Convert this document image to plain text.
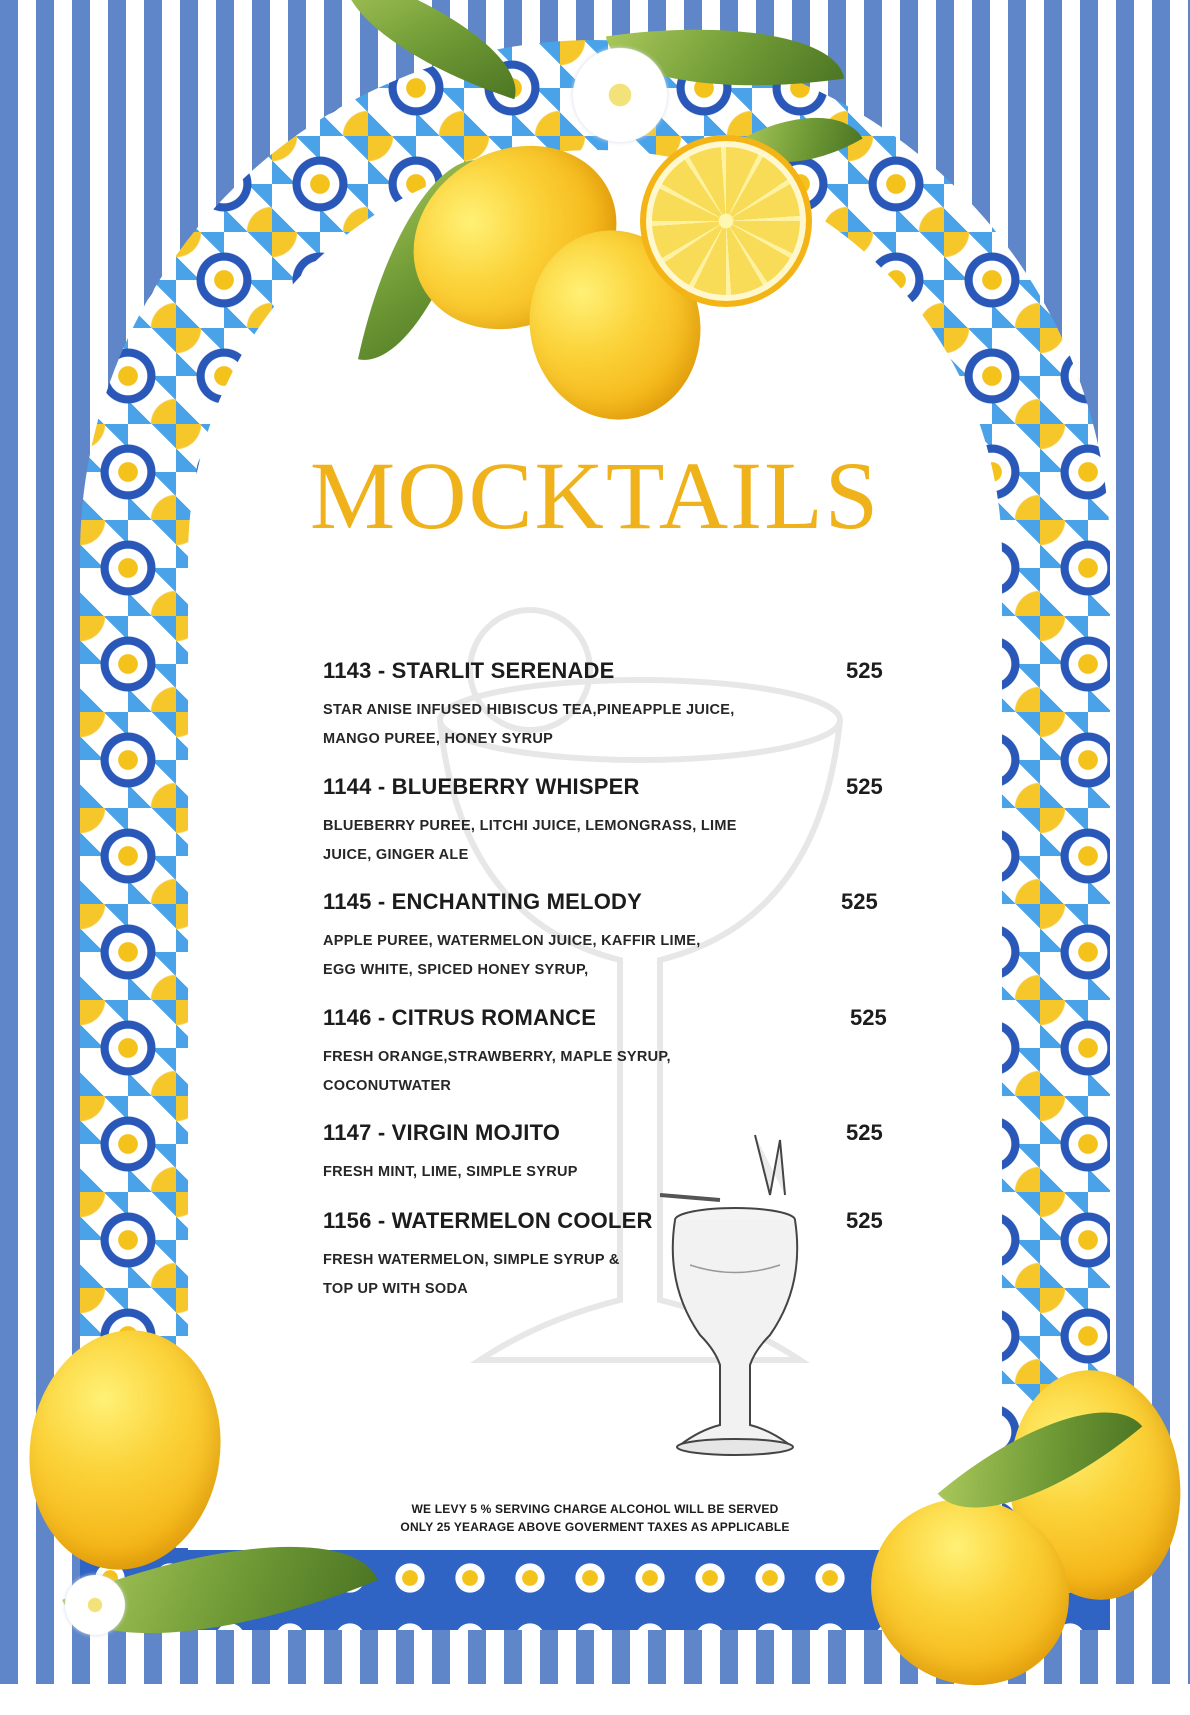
MOCKTAILS
1143 - STARLIT SERENADE	525
STAR ANISE INFUSED HIBISCUS TEA,PINEAPPLE JUICE,
MANGO PUREE, HONEY SYRUP
1144 - BLUEBERRY WHISPER	525
BLUEBERRY PUREE, LITCHI JUICE, LEMONGRASS, LIME
JUICE, GINGER ALE
1145 - ENCHANTING MELODY	525
APPLE PUREE, WATERMELON JUICE, KAFFIR LIME,
EGG WHITE, SPICED HONEY SYRUP,
1146 - CITRUS ROMANCE	525
FRESH ORANGE,STRAWBERRY, MAPLE SYRUP,
COCONUTWATER
1147 - VIRGIN MOJITO	525
FRESH MINT, LIME, SIMPLE SYRUP
1156 - WATERMELON COOLER	525
FRESH WATERMELON, SIMPLE SYRUP &
TOP UP WITH SODA
WE LEVY 5 % SERVING CHARGE ALCOHOL WILL BE SERVED
ONLY 25 YEARAGE ABOVE GOVERMENT TAXES AS APPLICABLE
